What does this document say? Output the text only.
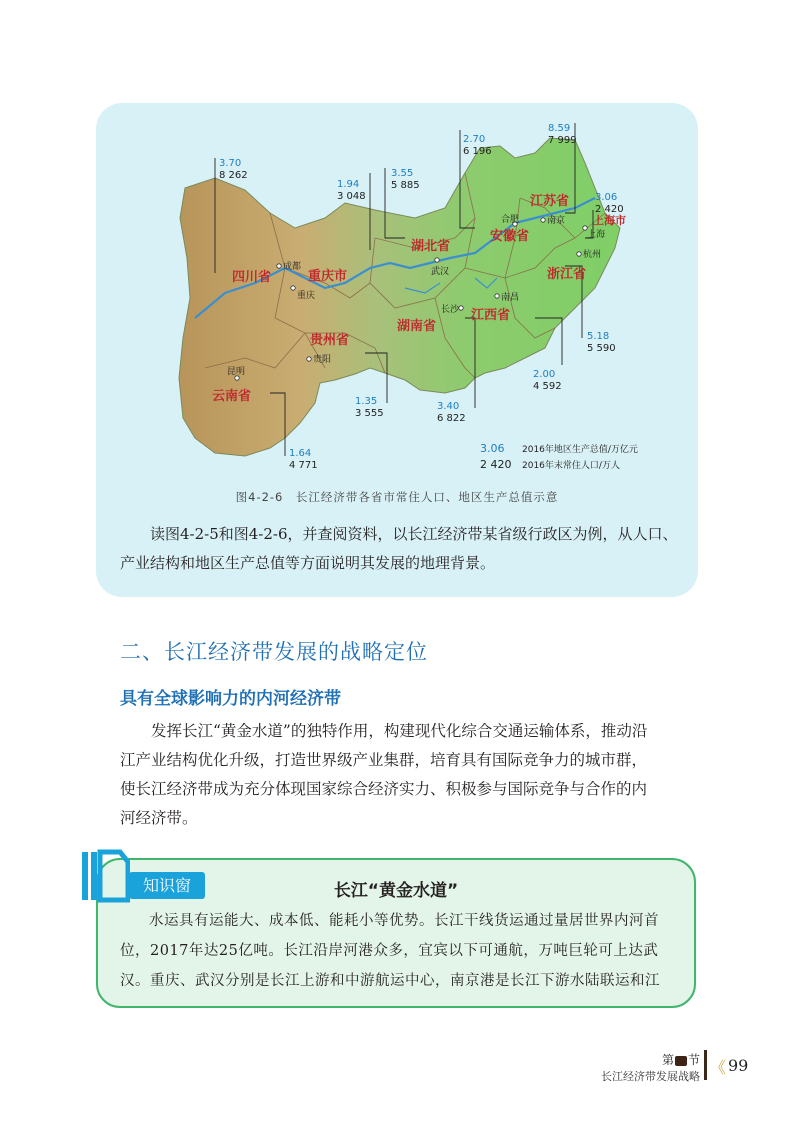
四川省	重庆市
湖北省
安徽省
江苏省
上海市
浙江省
江西省
湖南省
贵州省
云南省
成都
重庆
武汉
合肥	南京
上海
杭州
南昌
长沙
贵阳
昆明
3.70
8 262
1.94
3 048
3.55
5 885
2.70
6 196
8.59
7 999
3.06
2 420
5.18
5 590
2.00
4 592
3.40
6 822
1.35
3 555
1.64
4 771
3.06 2016年地区生产总值/万亿元
2 420 2016年末常住人口/万人
图4-2-6　长江经济带各省市常住人口、地区生产总值示意

读图4-2-5和图4-2-6，并查阅资料，以长江经济带某省级行政区为例，从人口、产业结构和地区生产总值等方面说明其发展的地理背景。

二、长江经济带发展的战略定位
具有全球影响力的内河经济带

发挥长江“黄金水道”的独特作用，构建现代化综合交通运输体系，推动沿江产业结构优化升级，打造世界级产业集群，培育具有国际竞争力的城市群，使长江经济带成为充分体现国家综合经济实力、积极参与国际竞争与合作的内河经济带。

知识窗	长江“黄金水道”

水运具有运能大、成本低、能耗小等优势。长江干线货运通过量居世界内河首位，2017年达25亿吨。长江沿岸河港众多，宜宾以下可通航，万吨巨轮可上达武汉。重庆、武汉分别是长江上游和中游航运中心，南京港是长江下游水陆联运和江

第 节
长江经济带发展战略 《 99
